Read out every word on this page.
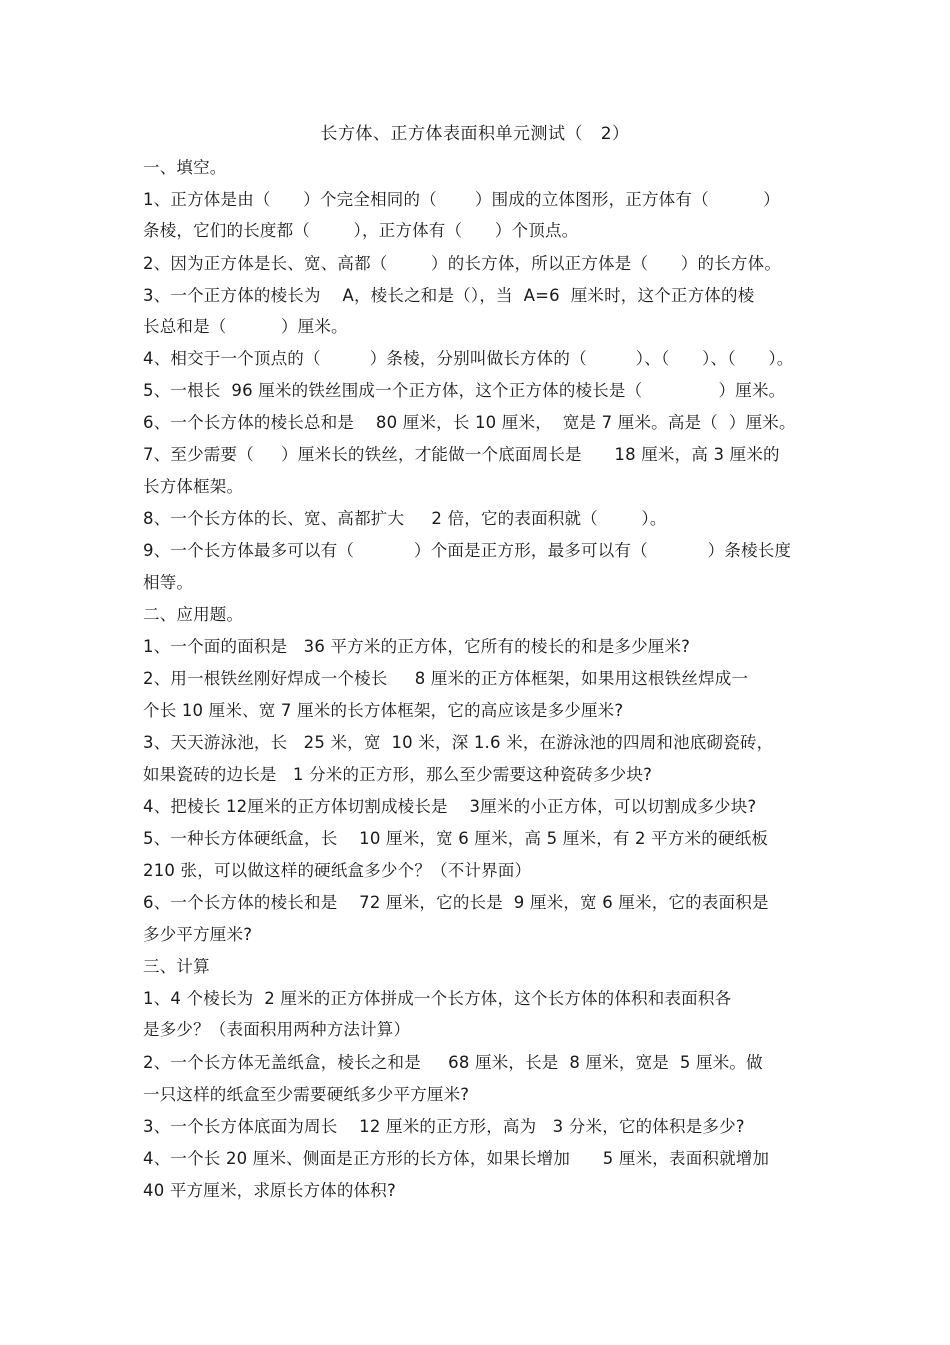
长方体、正方体表面积单元测试（   2）
一、填空。
1、正方体是由（      ）个完全相同的（       ）围成的立体图形，正方体有（          ）
条棱，它们的长度都（        ），正方体有（      ）个顶点。
2、因为正方体是长、宽、高都（        ）的长方体，所以正方体是（      ）的长方体。
3、一个正方体的棱长为    A，棱长之和是（），当  A=6  厘米时，这个正方体的棱
长总和是（          ）厘米。
4、相交于一个顶点的（         ）条棱，分别叫做长方体的（         ）、（      ）、（      ）。
5、一根长  96 厘米的铁丝围成一个正方体，这个正方体的棱长是（              ）厘米。
6、一个长方体的棱长总和是    80 厘米，长 10 厘米，  宽是 7 厘米。高是（  ）厘米。
7、至少需要（     ）厘米长的铁丝，才能做一个底面周长是      18 厘米，高 3 厘米的
长方体框架。
8、一个长方体的长、宽、高都扩大     2 倍，它的表面积就（        ）。
9、一个长方体最多可以有（           ）个面是正方形，最多可以有（           ）条棱长度
相等。
二、应用题。
1、一个面的面积是   36 平方米的正方体，它所有的棱长的和是多少厘米?
2、用一根铁丝刚好焊成一个棱长     8 厘米的正方体框架，如果用这根铁丝焊成一
个长 10 厘米、宽 7 厘米的长方体框架，它的高应该是多少厘米?
3、天天游泳池，长   25 米，宽  10 米，深 1.6 米，在游泳池的四周和池底砌瓷砖，
如果瓷砖的边长是   1 分米的正方形，那么至少需要这种瓷砖多少块?
4、把棱长 12厘米的正方体切割成棱长是    3厘米的小正方体，可以切割成多少块?
5、一种长方体硬纸盒，长    10 厘米，宽 6 厘米，高 5 厘米，有 2 平方米的硬纸板
210 张，可以做这样的硬纸盒多少个？（不计界面）
6、一个长方体的棱长和是    72 厘米，它的长是  9 厘米，宽 6 厘米，它的表面积是
多少平方厘米?
三、计算
1、4 个棱长为  2 厘米的正方体拼成一个长方体，这个长方体的体积和表面积各
是多少？（表面积用两种方法计算）
2、一个长方体无盖纸盒，棱长之和是     68 厘米，长是  8 厘米，宽是  5 厘米。做
一只这样的纸盒至少需要硬纸多少平方厘米?
3、一个长方体底面为周长    12 厘米的正方形，高为   3 分米，它的体积是多少?
4、一个长 20 厘米、侧面是正方形的长方体，如果长增加      5 厘米，表面积就增加
40 平方厘米，求原长方体的体积?
